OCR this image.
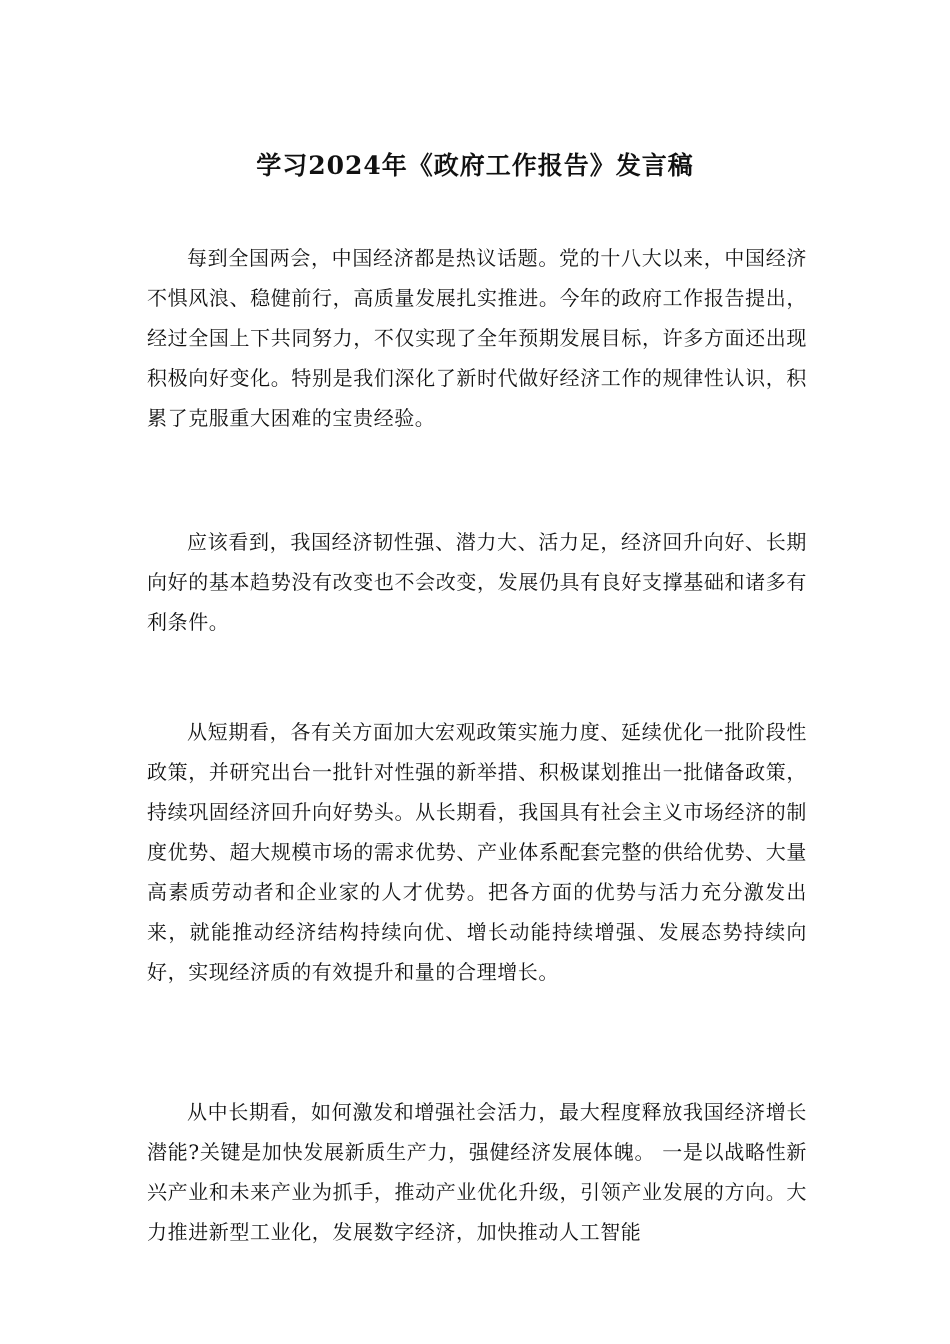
学习2024年《政府工作报告》发言稿

每到全国两会，中国经济都是热议话题。党的十八大以来，中国经济不惧风浪、稳健前行，高质量发展扎实推进。今年的政府工作报告提出，经过全国上下共同努力，不仅实现了全年预期发展目标，许多方面还出现积极向好变化。特别是我们深化了新时代做好经济工作的规律性认识，积累了克服重大困难的宝贵经验。

应该看到，我国经济韧性强、潜力大、活力足，经济回升向好、长期向好的基本趋势没有改变也不会改变，发展仍具有良好支撑基础和诸多有利条件。

从短期看，各有关方面加大宏观政策实施力度、延续优化一批阶段性政策，并研究出台一批针对性强的新举措、积极谋划推出一批储备政策，持续巩固经济回升向好势头。从长期看，我国具有社会主义市场经济的制度优势、超大规模市场的需求优势、产业体系配套完整的供给优势、大量高素质劳动者和企业家的人才优势。把各方面的优势与活力充分激发出来，就能推动经济结构持续向优、增长动能持续增强、发展态势持续向好，实现经济质的有效提升和量的合理增长。

从中长期看，如何激发和增强社会活力，最大程度释放我国经济增长潜能?关键是加快发展新质生产力，强健经济发展体魄。 一是以战略性新兴产业和未来产业为抓手，推动产业优化升级，引领产业发展的方向。大力推进新型工业化，发展数字经济，加快推动人工智能
